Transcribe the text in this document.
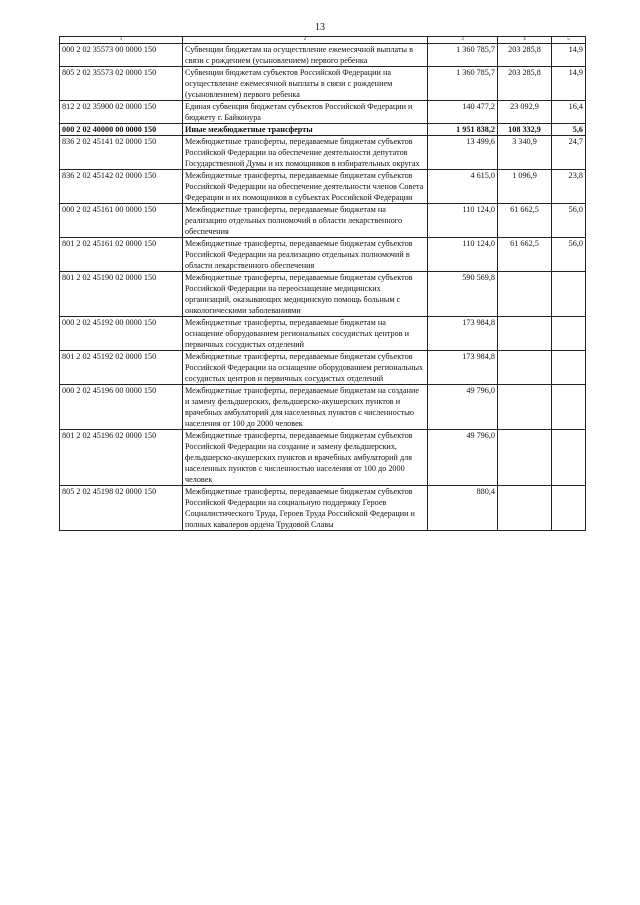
13
1	2	3	4	5
000 2 02 35573 00 0000 150	Субвенции бюджетам на осуществление ежемесячной выплаты в связи с рождением (усыновлением) первого ребенка	1 360 785,7	203 285,8	14,9
805 2 02 35573 02 0000 150	Субвенции бюджетам субъектов Российской Федерации на осуществление ежемесячной выплаты в связи с рождением (усыновлением) первого ребенка	1 360 785,7	203 285,8	14,9
812 2 02 35900 02 0000 150	Единая субвенция бюджетам субъектов Российской Федерации и бюджету г. Байконура	140 477,2	23 092,9	16,4
000 2 02 40000 00 0000 150	Иные межбюджетные трансферты	1 951 838,2	108 332,9	5,6
836 2 02 45141 02 0000 150	Межбюджетные трансферты, передаваемые бюджетам субъектов Российской Федерации на обеспечение деятельности депутатов Государственной Думы и их помощников в избирательных округах	13 499,6	3 340,9	24,7
836 2 02 45142 02 0000 150	Межбюджетные трансферты, передаваемые бюджетам субъектов Российской Федерации на обеспечение деятельности членов Совета Федерации и их помощников в субъектах Российской Федерации	4 615,0	1 096,9	23,8
000 2 02 45161 00 0000 150	Межбюджетные трансферты, передаваемые бюджетам на реализацию отдельных полномочий в области лекарственного обеспечения	110 124,0	61 662,5	56,0
801 2 02 45161 02 0000 150	Межбюджетные трансферты, передаваемые бюджетам субъектов Российской Федерации на реализацию отдельных полномочий в области лекарственного обеспечения	110 124,0	61 662,5	56,0
801 2 02 45190 02 0000 150	Межбюджетные трансферты, передаваемые бюджетам субъектов Российской Федерации на переоснащение медицинских организаций, оказывающих медицинскую помощь больным с онкологическими заболеваниями	590 569,8		
000 2 02 45192 00 0000 150	Межбюджетные трансферты, передаваемые бюджетам на оснащение оборудованием региональных сосудистых центров и первичных сосудистых отделений	173 984,8		
801 2 02 45192 02 0000 150	Межбюджетные трансферты, передаваемые бюджетам субъектов Российской Федерации на оснащение оборудованием региональных сосудистых центров и первичных сосудистых отделений	173 984,8		
000 2 02 45196 00 0000 150	Межбюджетные трансферты, передаваемые бюджетам на создание и замену фельдшерских, фельдшерско-акушерских пунктов и врачебных амбулаторий для населенных пунктов с численностью населения от 100 до 2000 человек	49 796,0		
801 2 02 45196 02 0000 150	Межбюджетные трансферты, передаваемые бюджетам субъектов Российской Федерации на создание и замену фельдшерских, фельдшерско-акушерских пунктов и врачебных амбулаторий для населенных пунктов с численностью населения от 100 до 2000 человек	49 796,0		
805 2 02 45198 02 0000 150	Межбюджетные трансферты, передаваемые бюджетам субъектов Российской Федерации на социальную поддержку Героев Социалистического Труда, Героев Труда Российской Федерации и полных кавалеров ордена Трудовой Славы	880,4		
